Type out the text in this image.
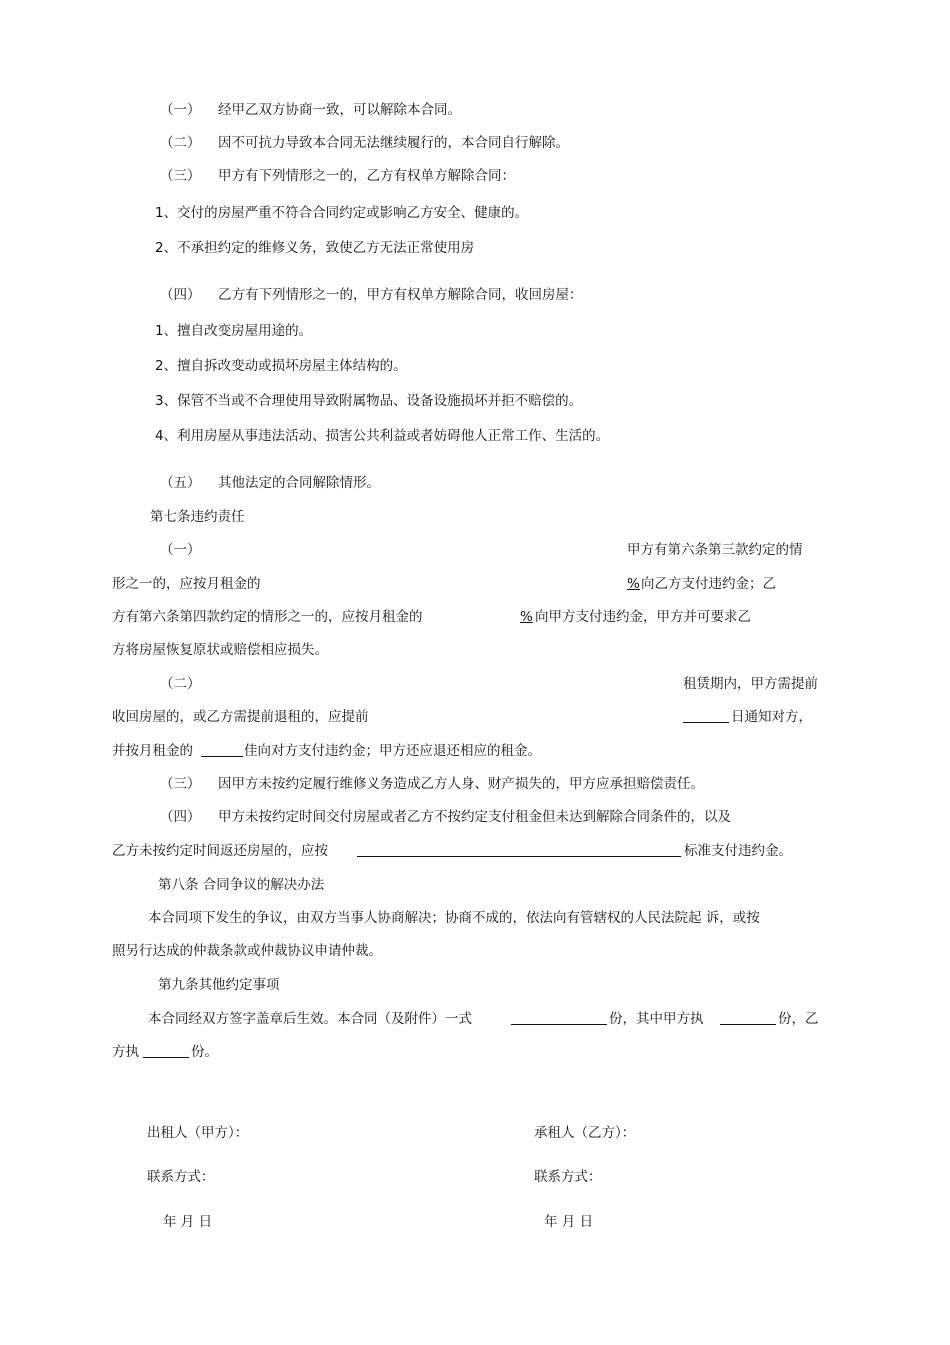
（一） 经甲乙双方协商一致，可以解除本合同。
（二） 因不可抗力导致本合同无法继续履行的，本合同自行解除。
（三） 甲方有下列情形之一的，乙方有权单方解除合同：
1、交付的房屋严重不符合合同约定或影响乙方安全、健康的。
2、不承担约定的维修义务，致使乙方无法正常使用房
（四） 乙方有下列情形之一的，甲方有权单方解除合同，收回房屋：
1、擅自改变房屋用途的。
2、擅自拆改变动或损坏房屋主体结构的。
3、保管不当或不合理使用导致附属物品、设备设施损坏并拒不赔偿的。
4、利用房屋从事违法活动、损害公共利益或者妨碍他人正常工作、生活的。
（五） 其他法定的合同解除情形。
第七条违约责任
（一）	甲方有第六条第三款约定的情
形之一的，应按月租金的	% 向乙方支付违约金；乙
方有第六条第四款约定的情形之一的，应按月租金的	% 向甲方支付违约金，甲方并可要求乙
方将房屋恢复原状或赔偿相应损失。
（二）	租赁期内，甲方需提前
收回房屋的，或乙方需提前退租的，应提前	日通知对方，
并按月租金的	佳向对方支付违约金；甲方还应退还相应的租金。
（三） 因甲方未按约定履行维修义务造成乙方人身、财产损失的，甲方应承担赔偿责任。
（四） 甲方未按约定时间交付房屋或者乙方不按约定支付租金但未达到解除合同条件的，以及
乙方未按约定时间返还房屋的，应按	标准支付违约金。
第八条 合同争议的解决办法
本合同项下发生的争议，由双方当事人协商解决；协商不成的，依法向有管辖权的人民法院起 诉，或按
照另行达成的仲裁条款或仲裁协议申请仲裁。
第九条其他约定事项
本合同经双方签字盖章后生效。本合同（及附件）一式	份，其中甲方执	份，乙
方执	份。
出租人（甲方）：	承租人（乙方）：
联系方式：	联系方式：
年 月 日	年 月 日
